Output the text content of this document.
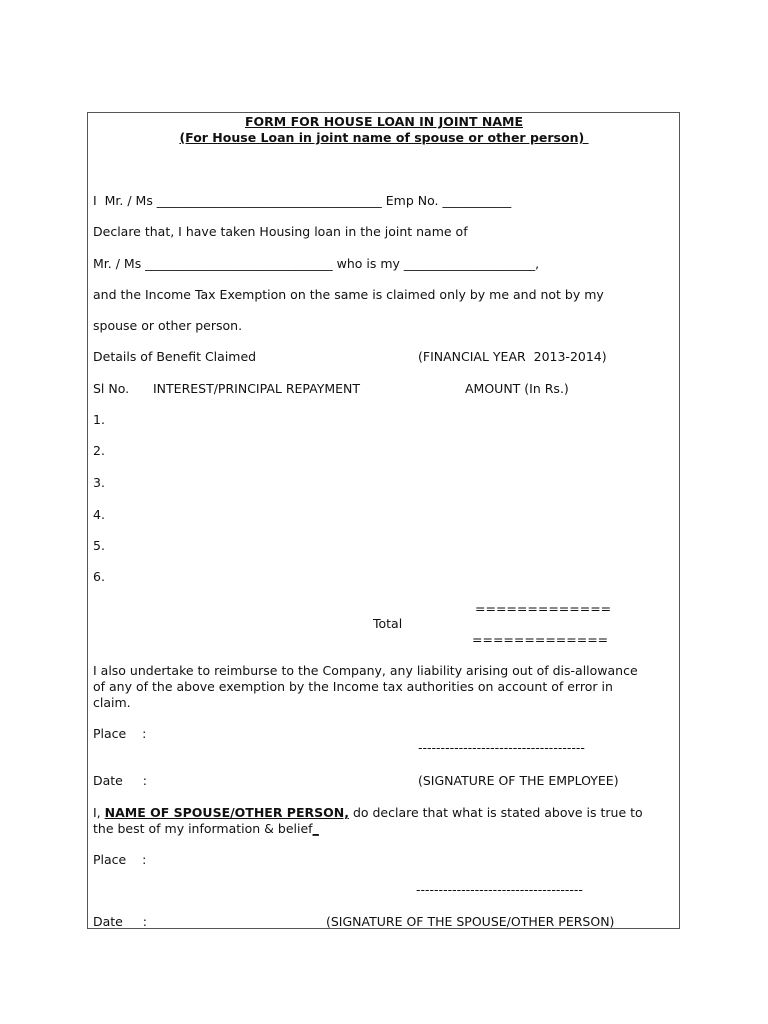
FORM FOR HOUSE LOAN IN JOINT NAME
(For House Loan in joint name of spouse or other person)
I  Mr. / Ms ____________________________________ Emp No. ___________
Declare that, I have taken Housing loan in the joint name of
Mr. / Ms ______________________________ who is my _____________________,
and the Income Tax Exemption on the same is claimed only by me and not by my
spouse or other person.
Details of Benefit Claimed	(FINANCIAL YEAR  2013-2014)
Sl No. INTEREST/PRINCIPAL REPAYMENT	AMOUNT (In Rs.)
1.
2.
3.
4.
5.
6.
=============
Total
=============
I also undertake to reimburse to the Company, any liability arising out of dis-allowance
of any of the above exemption by the Income tax authorities on account of error in
claim.
Place    :
-------------------------------------
Date     :	(SIGNATURE OF THE EMPLOYEE)
I, NAME OF SPOUSE/OTHER PERSON, do declare that what is stated above is true to
the best of my information & belief_
Place    :
-------------------------------------
Date     :	(SIGNATURE OF THE SPOUSE/OTHER PERSON)
